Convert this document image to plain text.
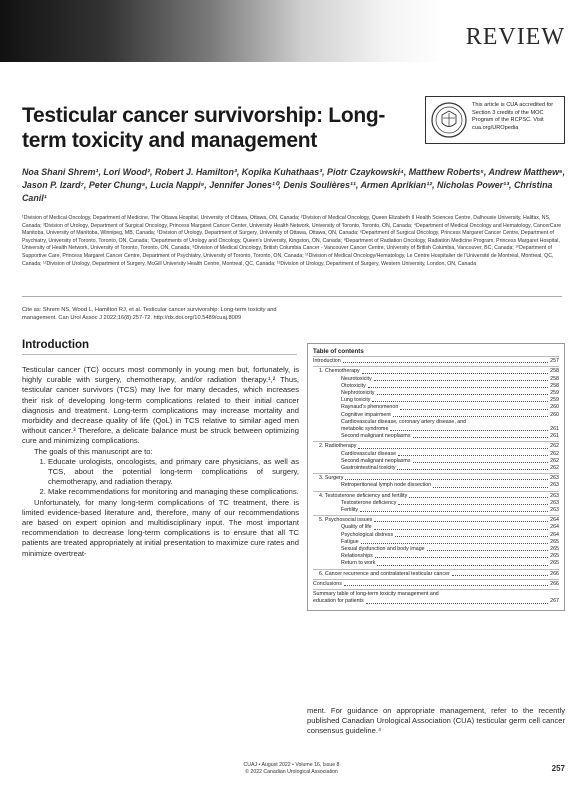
REVIEW
Testicular cancer survivorship: Long-term toxicity and management
This article is CUA accredited for Section 3 credits of the MOC Program of the RCPSC. Visit cua.org/UROpedia
Noa Shani Shrem¹, Lori Wood², Robert J. Hamilton³, Kopika Kuhathaas³, Piotr Czaykowski⁴, Matthew Roberts⁵, Andrew Matthew⁶, Jason P. Izard⁷, Peter Chung⁸, Lucia Nappi⁹, Jennifer Jones¹⁰, Denis Soulières¹¹, Armen Aprikian¹², Nicholas Power¹³, Christina Canil¹
¹Division of Medical Oncology, Department of Medicine, The Ottawa Hospital, University of Ottawa, Ottawa, ON, Canada; ²Division of Medical Oncology, Queen Elizabeth II Health Sciences Centre, Dalhousie University, Halifax, NS, Canada; ³Division of Urology, Department of Surgical Oncology, Princess Margaret Cancer Center, University Health Network, University of Toronto, Toronto, ON, Canada; ⁴Department of Medical Oncology and Hematology, CancerCare Manitoba, University of Manitoba, Winnipeg, MB, Canada; ⁵Division of Urology, Department of Surgery, University of Ottawa, Ottawa, ON, Canada; ⁶Department of Surgical Oncology, Princess Margaret Cancer Centre, Department of Psychiatry, University of Toronto, Toronto, ON, Canada; ⁷Departments of Urology and Oncology, Queen's University, Kingston, ON, Canada; ⁸Department of Radiation Oncology, Radiation Medicine Program, Princess Margaret Hospital, University of Health Network, University of Toronto, Toronto, ON, Canada; ⁹Division of Medical Oncology, British Columbia Cancer - Vancouver Cancer Centre, University of British Columbia, Vancouver, BC, Canada; ¹⁰Department of Supportive Care, Princess Margaret Cancer Centre, Department of Psychiatry, University of Toronto, Toronto, ON, Canada; ¹¹Division of Medical Oncology/Hematology, Le Centre Hospitalier de l'Université de Montréal, Montreal, QC, Canada; ¹²Division of Urology, Department of Surgery, McGill University Health Centre, Montreal, QC, Canada; ¹³Division of Urology, Department of Surgery, Western University, London, ON, Canada
Cite as: Shrem NS, Wood L, Hamilton RJ, et al. Testicular cancer survivorship: Long-term toxicity and management. Can Urol Assoc J 2022;16(8):257-72. http://dx.doi.org/10.5489/cuaj.8009
Introduction

Testicular cancer (TC) occurs most commonly in young men but, fortunately, is highly curable with surgery, chemotherapy, and/or radiation therapy.¹,² Thus, testicular cancer survivors (TCS) may live for many decades, which increases their risk of developing long-term complications related to their initial cancer diagnosis and treatment. Long-term complications may increase mortality and morbidity and decrease quality of life (QoL) in TCS relative to similar aged men without cancer.³ Therefore, a delicate balance must be struck between optimizing cure and minimizing complications.

The goals of this manuscript are to:

1. Educate urologists, oncologists, and primary care physicians, as well as TCS, about the potential long-term complications of surgery, chemotherapy, and radiation therapy.
2. Make recommendations for monitoring and managing these complications.

Unfortunately, for many long-term complications of TC treatment, there is limited evidence-based literature and, therefore, many of our recommendations are based on expert opinion and multidisciplinary input. The most important recommendation to decrease long-term complications is to ensure that all TC patients are treated appropriately at initial presentation to maximize cure rates and minimize overtreat-

Table of contents
Introduction	257
1. Chemotherapy	258
Neurotoxicity	258
Ototoxicity	258
Nephrotoxicity	259
Lung toxicity	259
Raynaud's phenomenon	260
Cognitive impairment	260
Cardiovascular disease, coronary artery disease, and
metabolic syndrome	261
Second malignant neoplasms	261
2. Radiotherapy	262
Cardiovascular disease	262
Second malignant neoplasms	262
Gastrointestinal toxicity	262
3. Surgery	263
Retroperitoneal lymph node dissection	263
4. Testosterone deficiency and fertility	263
Testosterone deficiency	263
Fertility	263
5. Psychosocial issues	264
Quality of life	264
Psychological distress	264
Fatigue	265
Sexual dysfunction and body image	265
Relationships	265
Return to work	265
6. Cancer recurrence and contralateral testicular cancer	266
Conclusions	266
Summary table of long-term toxicity management and
education for patients	267
ment. For guidance on appropriate management, refer to the recently published Canadian Urological Association (CUA) testicular germ cell cancer consensus guideline.⁴
CUAJ • August 2022 • Volume 16, Issue 8
© 2022 Canadian Urological Association	257
